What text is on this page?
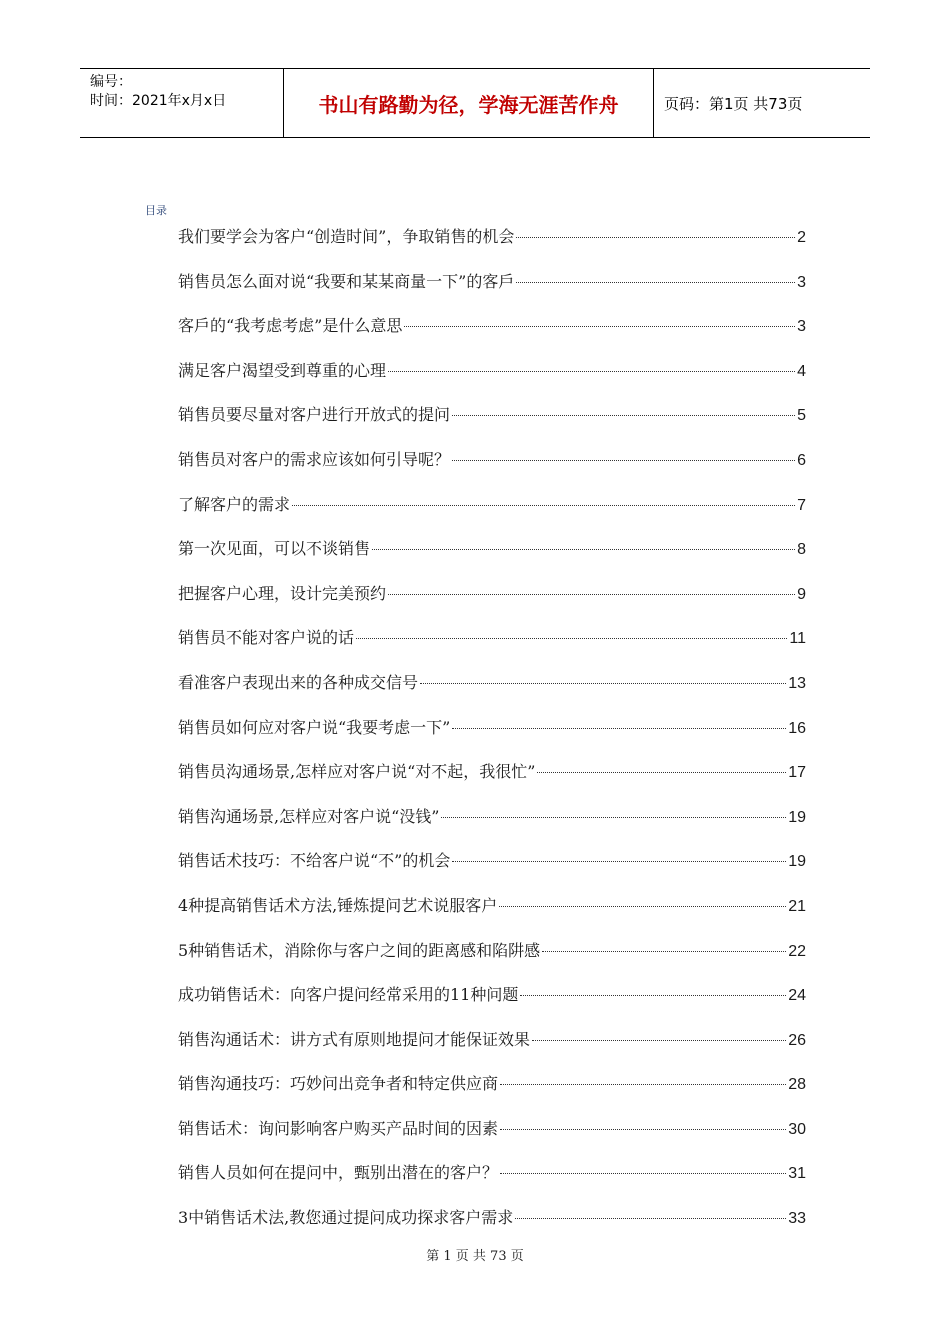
编号：
时间：2021年x月x日	书山有路勤为径，学海无涯苦作舟	页码：第1页 共73页
目录
我们要学会为客户“创造时间”，争取销售的机会	2
销售员怎么面对说“我要和某某商量一下”的客戶	3
客戶的“我考虑考虑”是什么意思	3
满足客户渴望受到尊重的心理	4
销售员要尽量对客户进行开放式的提问	5
销售员对客户的需求应该如何引导呢？	6
了解客户的需求	7
第一次见面，可以不谈销售	8
把握客户心理，设计完美预约	9
销售员不能对客户说的话	11
看准客户表现出来的各种成交信号	13
销售员如何应对客户说“我要考虑一下”	16
销售员沟通场景,怎样应对客户说“对不起，我很忙”	17
销售沟通场景,怎样应对客户说“没钱”	19
销售话术技巧：不给客户说“不”的机会	19
4种提高销售话术方法,锤炼提问艺术说服客户	21
5种销售话术，消除你与客户之间的距离感和陷阱感	22
成功销售话术：向客户提问经常采用的11种问题	24
销售沟通话术：讲方式有原则地提问才能保证效果	26
销售沟通技巧：巧妙问出竞争者和特定供应商	28
销售话术：询问影响客户购买产品时间的因素	30
销售人员如何在提问中，甄别出潜在的客户？	31
3中销售话术法,教您通过提问成功探求客户需求	33
第 1 页 共 73 页
